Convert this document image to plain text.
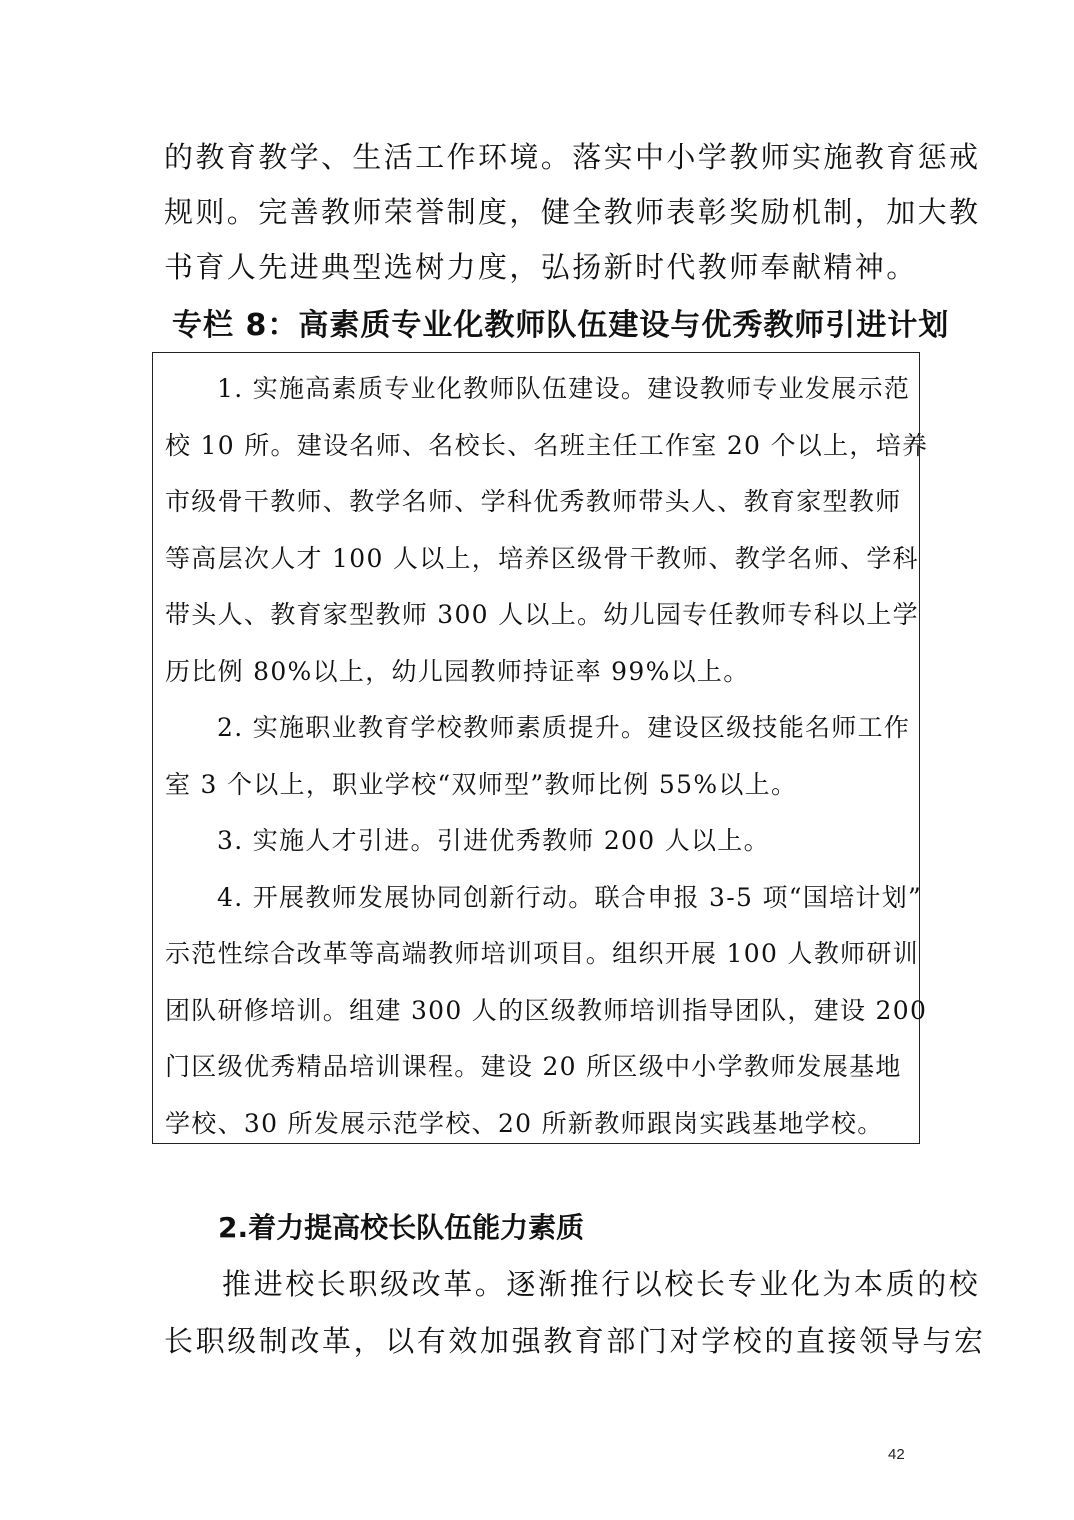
的教育教学、生活工作环境。落实中小学教师实施教育惩戒
规则。完善教师荣誉制度，健全教师表彰奖励机制，加大教
书育人先进典型选树力度，弘扬新时代教师奉献精神。
专栏 8：高素质专业化教师队伍建设与优秀教师引进计划
1. 实施高素质专业化教师队伍建设。建设教师专业发展示范
校 10 所。建设名师、名校长、名班主任工作室 20 个以上，培养
市级骨干教师、教学名师、学科优秀教师带头人、教育家型教师
等高层次人才 100 人以上，培养区级骨干教师、教学名师、学科
带头人、教育家型教师 300 人以上。幼儿园专任教师专科以上学
历比例 80%以上，幼儿园教师持证率 99%以上。
2. 实施职业教育学校教师素质提升。建设区级技能名师工作
室 3 个以上，职业学校“双师型”教师比例 55%以上。
3. 实施人才引进。引进优秀教师 200 人以上。
4. 开展教师发展协同创新行动。联合申报 3-5 项“国培计划”
示范性综合改革等高端教师培训项目。组织开展 100 人教师研训
团队研修培训。组建 300 人的区级教师培训指导团队，建设 200
门区级优秀精品培训课程。建设 20 所区级中小学教师发展基地
学校、30 所发展示范学校、20 所新教师跟岗实践基地学校。
2.着力提高校长队伍能力素质
推进校长职级改革。逐渐推行以校长专业化为本质的校
长职级制改革，以有效加强教育部门对学校的直接领导与宏
42
